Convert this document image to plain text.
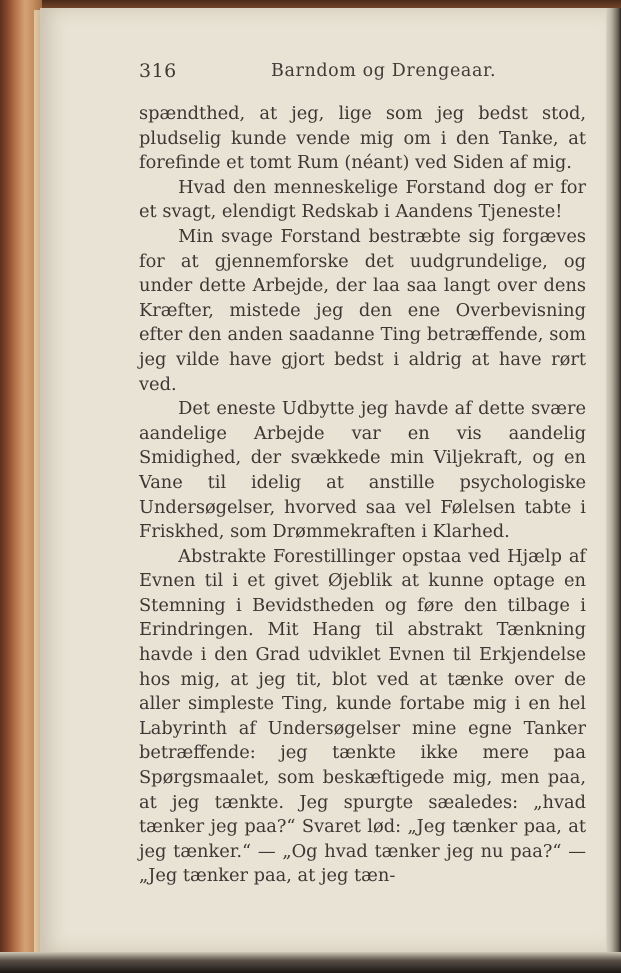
316	Barndom og Drengeaar.

spændthed, at jeg, lige som jeg bedst stod, pludselig kunde vende mig om i den Tanke, at forefinde et tomt Rum (néant) ved Siden af mig.

Hvad den menneskelige Forstand dog er for et svagt, elendigt Redskab i Aandens Tjeneste!

Min svage Forstand bestræbte sig forgæves for at gjennemforske det uudgrundelige, og under dette Arbejde, der laa saa langt over dens Kræfter, mistede jeg den ene Overbevisning efter den anden saadanne Ting betræffende, som jeg vilde have gjort bedst i aldrig at have rørt ved.

Det eneste Udbytte jeg havde af dette svære aandelige Arbejde var en vis aandelig Smidighed, der svækkede min Viljekraft, og en Vane til idelig at anstille psychologiske Undersøgelser, hvorved saa vel Følelsen tabte i Friskhed, som Drømmekraften i Klarhed.

Abstrakte Forestillinger opstaa ved Hjælp af Evnen til i et givet Øjeblik at kunne optage en Stemning i Bevidstheden og føre den tilbage i Erindringen. Mit Hang til abstrakt Tænkning havde i den Grad udviklet Evnen til Erkjendelse hos mig, at jeg tit, blot ved at tænke over de aller simpleste Ting, kunde fortabe mig i en hel Labyrinth af Undersøgelser mine egne Tanker betræffende: jeg tænkte ikke mere paa Spørgsmaalet, som beskæftigede mig, men paa, at jeg tænkte. Jeg spurgte sæaledes: „hvad tænker jeg paa?“ Svaret lød: „Jeg tænker paa, at jeg tænker.“ — „Og hvad tænker jeg nu paa?“ — „Jeg tænker paa, at jeg tæn-
